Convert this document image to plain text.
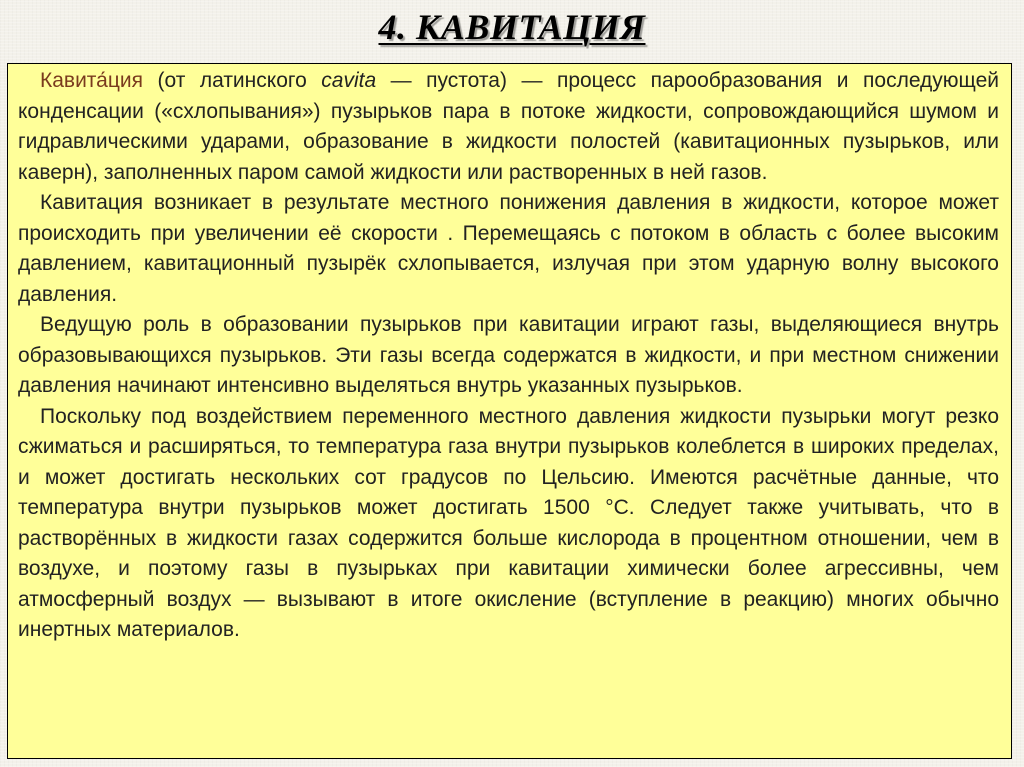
4. КАВИТАЦИЯ

Кавита́ция (от латинского cavita — пустота) — процесс парообразования и последующей конденсации («схлопывания») пузырьков пара в потоке жидкости, сопровождающийся шумом и гидравлическими ударами, образование в жидкости полостей (кавитационных пузырьков, или каверн), заполненных паром самой жидкости или растворенных в ней газов.

Кавитация возникает в результате местного понижения давления в жидкости, которое может происходить при увеличении её скорости . Перемещаясь с потоком в область с более высоким давлением, кавитационный пузырёк схлопывается, излучая при этом ударную волну высокого давления.

Ведущую роль в образовании пузырьков при кавитации играют газы, выделяющиеся внутрь образовывающихся пузырьков. Эти газы всегда содержатся в жидкости, и при местном снижении давления начинают интенсивно выделяться внутрь указанных пузырьков.

Поскольку под воздействием переменного местного давления жидкости пузырьки могут резко сжиматься и расширяться, то температура газа внутри пузырьков колеблется в широких пределах, и может достигать нескольких сот градусов по Цельсию. Имеются расчётные данные, что температура внутри пузырьков может достигать 1500 °C. Следует также учитывать, что в растворённых в жидкости газах содержится больше кислорода в процентном отношении, чем в воздухе, и поэтому газы в пузырьках при кавитации химически более агрессивны, чем атмосферный воздух — вызывают в итоге окисление (вступление в реакцию) многих обычно инертных материалов.
